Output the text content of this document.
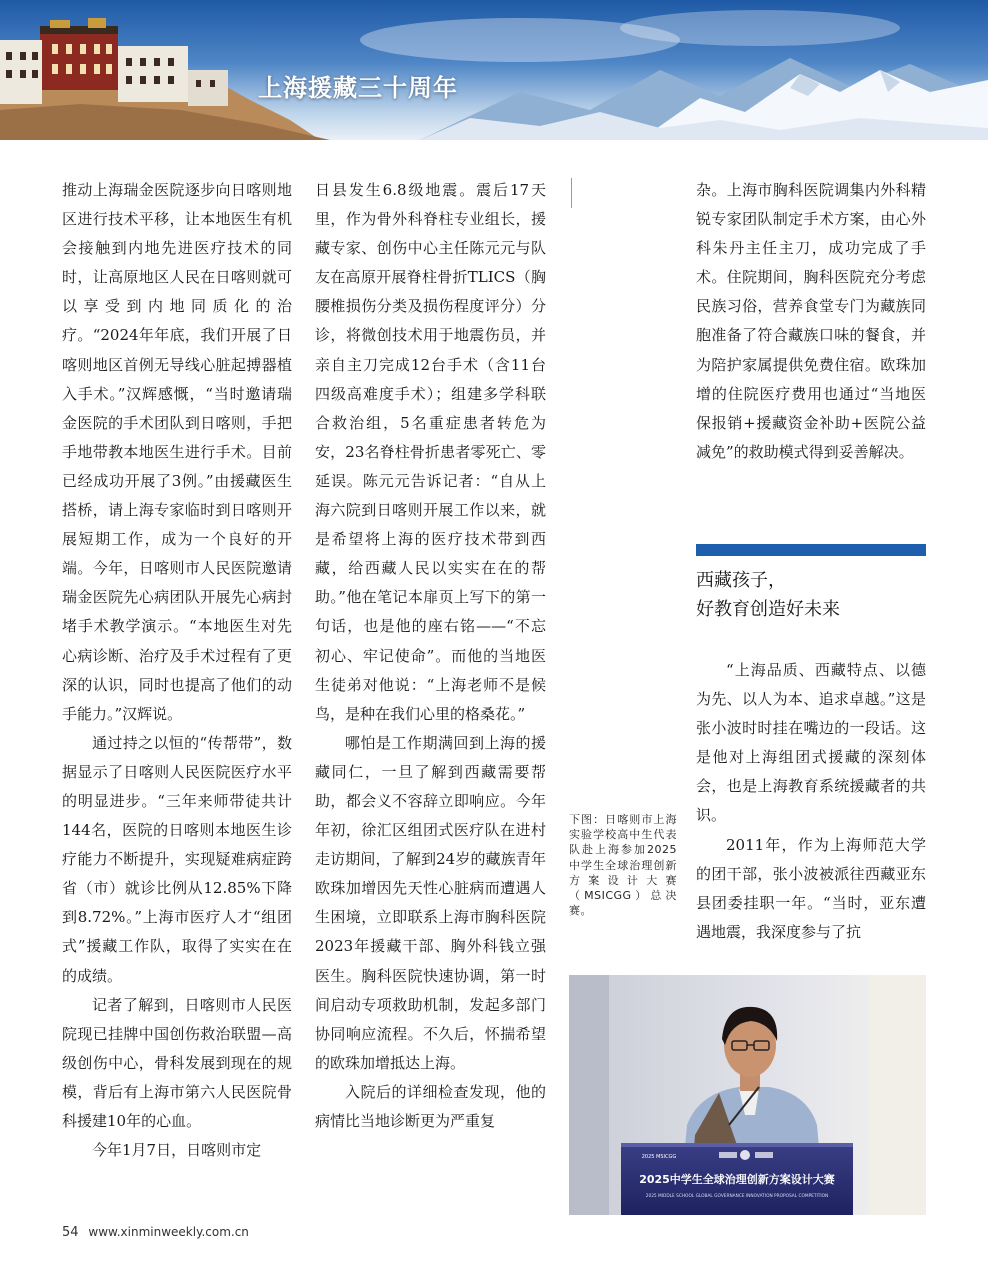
上海援藏三十周年

推动上海瑞金医院逐步向日喀则地区进行技术平移，让本地医生有机会接触到内地先进医疗技术的同时，让高原地区人民在日喀则就可以享受到内地同质化的治疗。“2024年年底，我们开展了日喀则地区首例无导线心脏起搏器植入手术。”汉辉感慨，“当时邀请瑞金医院的手术团队到日喀则，手把手地带教本地医生进行手术。目前已经成功开展了3例。”由援藏医生搭桥，请上海专家临时到日喀则开展短期工作，成为一个良好的开端。今年，日喀则市人民医院邀请瑞金医院先心病团队开展先心病封堵手术教学演示。“本地医生对先心病诊断、治疗及手术过程有了更深的认识，同时也提高了他们的动手能力。”汉辉说。

通过持之以恒的“传帮带”，数据显示了日喀则人民医院医疗水平的明显进步。“三年来师带徒共计144名，医院的日喀则本地医生诊疗能力不断提升，实现疑难病症跨省（市）就诊比例从12.85%下降到8.72%。”上海市医疗人才“组团式”援藏工作队，取得了实实在在的成绩。

记者了解到，日喀则市人民医院现已挂牌中国创伤救治联盟—高级创伤中心，骨科发展到现在的规模，背后有上海市第六人民医院骨科援建10年的心血。

今年1月7日，日喀则市定

日县发生6.8级地震。震后17天里，作为骨外科脊柱专业组长，援藏专家、创伤中心主任陈元元与队友在高原开展脊柱骨折TLICS（胸腰椎损伤分类及损伤程度评分）分诊，将微创技术用于地震伤员，并亲自主刀完成12台手术（含11台四级高难度手术）；组建多学科联合救治组，5名重症患者转危为安，23名脊柱骨折患者零死亡、零延误。陈元元告诉记者：“自从上海六院到日喀则开展工作以来，就是希望将上海的医疗技术带到西藏，给西藏人民以实实在在的帮助。”他在笔记本扉页上写下的第一句话，也是他的座右铭——“不忘初心、牢记使命”。而他的当地医生徒弟对他说：“上海老师不是候鸟，是种在我们心里的格桑花。”

哪怕是工作期满回到上海的援藏同仁，一旦了解到西藏需要帮助，都会义不容辞立即响应。今年年初，徐汇区组团式医疗队在进村走访期间，了解到24岁的藏族青年欧珠加增因先天性心脏病而遭遇人生困境，立即联系上海市胸科医院2023年援藏干部、胸外科钱立强医生。胸科医院快速协调，第一时间启动专项救助机制，发起多部门协同响应流程。不久后，怀揣希望的欧珠加增抵达上海。

入院后的详细检查发现，他的病情比当地诊断更为严重复

杂。上海市胸科医院调集内外科精锐专家团队制定手术方案，由心外科朱丹主任主刀，成功完成了手术。住院期间，胸科医院充分考虑民族习俗，营养食堂专门为藏族同胞准备了符合藏族口味的餐食，并为陪护家属提供免费住宿。欧珠加增的住院医疗费用也通过“当地医保报销+援藏资金补助+医院公益减免”的救助模式得到妥善解决。

西藏孩子，
好教育创造好未来

“上海品质、西藏特点、以德为先、以人为本、追求卓越。”这是张小波时时挂在嘴边的一段话。这是他对上海组团式援藏的深刻体会，也是上海教育系统援藏者的共识。

2011年，作为上海师范大学的团干部，张小波被派往西藏亚东县团委挂职一年。“当时，亚东遭遇地震，我深度参与了抗

下图：日喀则市上海实验学校高中生代表队赴上海参加2025中学生全球治理创新方案设计大赛（MSICGG）总决赛。
2025中学生全球治理创新方案设计大赛
2025 MIDDLE SCHOOL GLOBAL GOVERNANCE INNOVATION PROPOSAL COMPETITION
2025 MSICGG
54 www.xinminweekly.com.cn
